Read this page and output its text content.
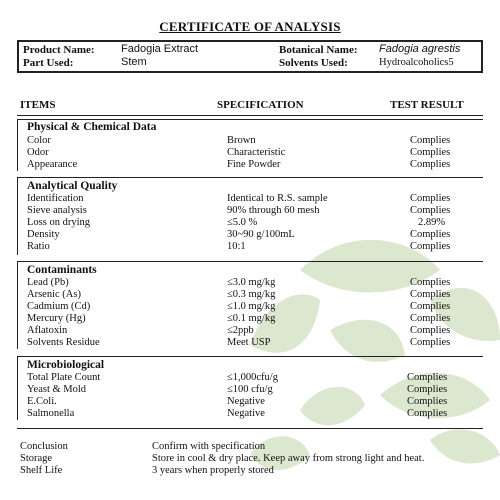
CERTIFICATE OF ANALYSIS
Product Name: Fadogia Extract	Botanical Name: Fadogia agrestis
Part Used:	Stem	Solvents Used:	Hydroalcoholics5
ITEMS	SPECIFICATION	TEST RESULT
Physical & Chemical Data
Color	Brown	Complies
Odor	Characteristic	Complies
Appearance	Fine Powder	Complies
Analytical Quality
Identification	Identical to R.S. sample	Complies
Sieve analysis	90% through 60 mesh	Complies
Loss on drying	≤5.0 %	2.89%
Density	30~90 g/100mL	Complies
Ratio	10:1	Complies
Contaminants
Lead (Pb)	≤3.0 mg/kg	Complies
Arsenic (As)	≤0.3 mg/kg	Complies
Cadmium (Cd)	≤1.0 mg/kg	Complies
Mercury (Hg)	≤0.1 mg/kg	Complies
Aflatoxin	≤2ppb	Complies
Solvents Residue	Meet USP	Complies
Microbiological
Total Plate Count	≤1,000cfu/g	Complies
Yeast & Mold	≤100 cfu/g	Complies
E.Coli.	Negative	Complies
Salmonella	Negative	Complies
Conclusion	Confirm with specification
Storage	Store in cool & dry place. Keep away from strong light and heat.
Shelf Life	3 years when properly stored
